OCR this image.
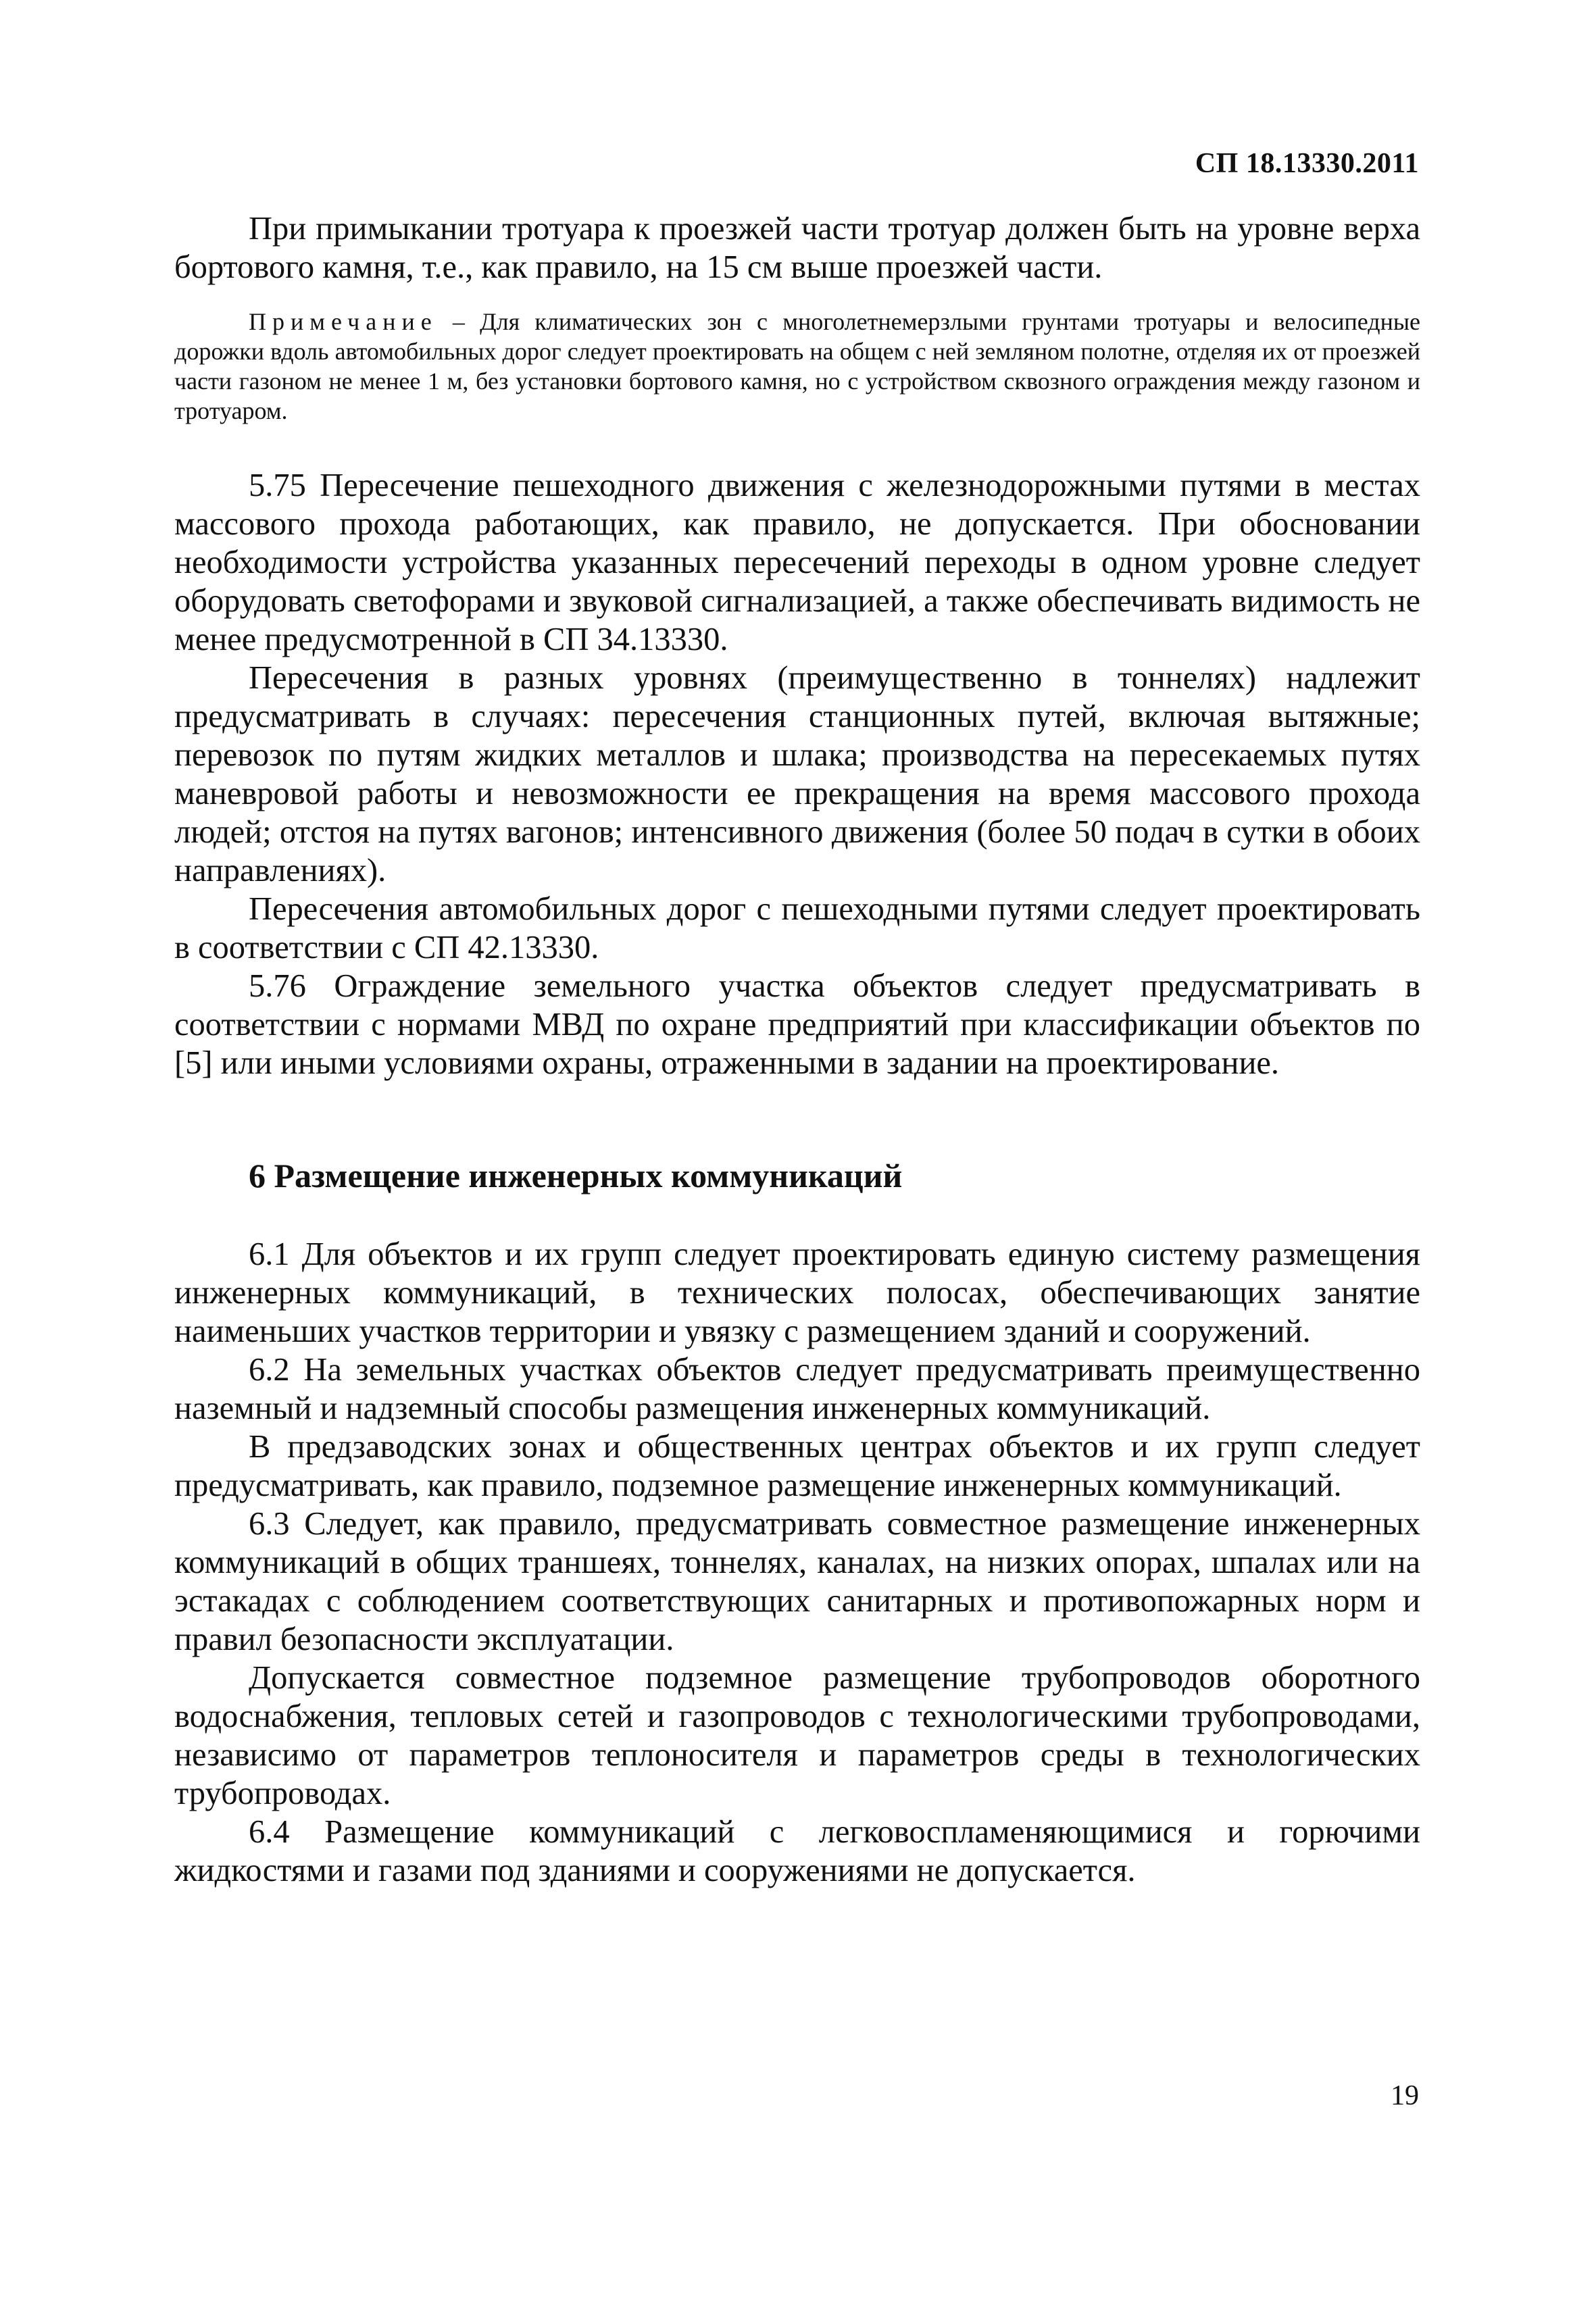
СП 18.13330.2011

При примыкании тротуара к проезжей части тротуар должен быть на уровне верха бортового камня, т.е., как правило, на 15 см выше проезжей части.

Примечание – Для климатических зон с многолетнемерзлыми грунтами тротуары и велосипедные дорожки вдоль автомобильных дорог следует проектировать на общем с ней земляном полотне, отделяя их от проезжей части газоном не менее 1 м, без установки бортового камня, но с устройством сквозного ограждения между газоном и тротуаром.

5.75 Пересечение пешеходного движения с железнодорожными путями в местах массового прохода работающих, как правило, не допускается. При обосновании необходимости устройства указанных пересечений переходы в одном уровне следует оборудовать светофорами и звуковой сигнализацией, а также обеспечивать видимость не менее предусмотренной в СП 34.13330.

Пересечения в разных уровнях (преимущественно в тоннелях) надлежит предусматривать в случаях: пересечения станционных путей, включая вытяжные; перевозок по путям жидких металлов и шлака; производства на пересекаемых путях маневровой работы и невозможности ее прекращения на время массового прохода людей; отстоя на путях вагонов; интенсивного движения (более 50 подач в сутки в обоих направлениях).

Пересечения автомобильных дорог с пешеходными путями следует проектировать в соответствии с СП 42.13330.

5.76 Ограждение земельного участка объектов следует предусматривать в соответствии с нормами МВД по охране предприятий при классификации объектов по [5] или иными условиями охраны, отраженными в задании на проектирование.

6 Размещение инженерных коммуникаций

6.1 Для объектов и их групп следует проектировать единую систему размещения инженерных коммуникаций, в технических полосах, обеспечивающих занятие наименьших участков территории и увязку с размещением зданий и сооружений.

6.2 На земельных участках объектов следует предусматривать преимущественно наземный и надземный способы размещения инженерных коммуникаций.

В предзаводских зонах и общественных центрах объектов и их групп следует предусматривать, как правило, подземное размещение инженерных коммуникаций.

6.3 Следует, как правило, предусматривать совместное размещение инженерных коммуникаций в общих траншеях, тоннелях, каналах, на низких опорах, шпалах или на эстакадах с соблюдением соответствующих санитарных и противопожарных норм и правил безопасности эксплуатации.

Допускается совместное подземное размещение трубопроводов оборотного водоснабжения, тепловых сетей и газопроводов с технологическими трубопроводами, независимо от параметров теплоносителя и параметров среды в технологических трубопроводах.

6.4 Размещение коммуникаций с легковоспламеняющимися и горючими жидкостями и газами под зданиями и сооружениями не допускается.

19
